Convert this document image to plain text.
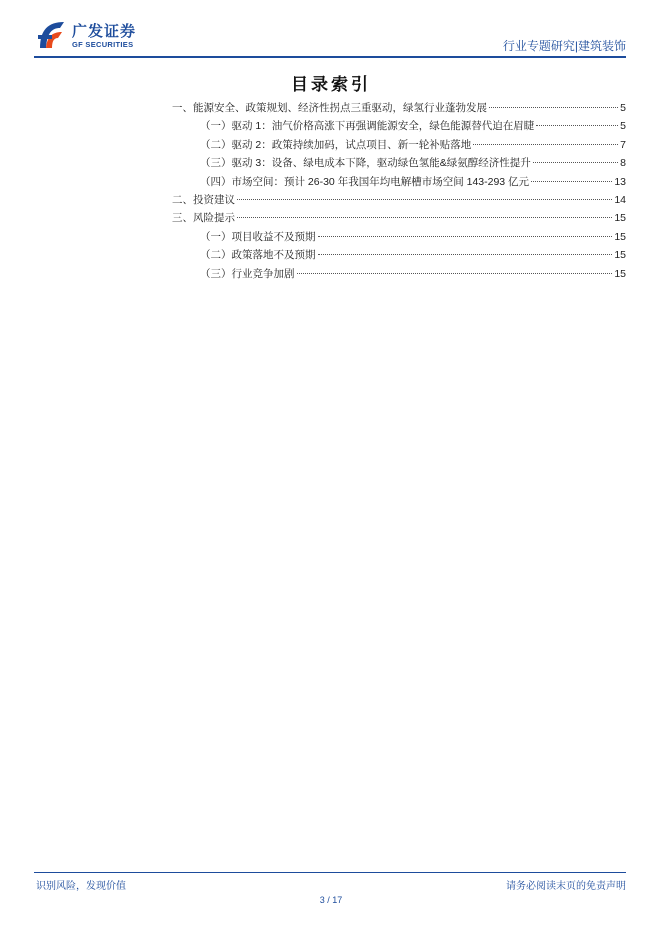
广发证券
GF SECURITIES	行业专题研究|建筑装饰
目录索引
一、能源安全、政策规划、经济性拐点三重驱动，绿氢行业蓬勃发展	5
（一）驱动 1：油气价格高涨下再强调能源安全，绿色能源替代迫在眉睫	5
（二）驱动 2：政策持续加码，试点项目、新一轮补贴落地	7
（三）驱动 3：设备、绿电成本下降，驱动绿色氢能&绿氨醇经济性提升	8
（四）市场空间：预计 26-30 年我国年均电解槽市场空间 143-293 亿元	13
二、投资建议	14
三、风险提示	15
（一）项目收益不及预期	15
（二）政策落地不及预期	15
（三）行业竞争加剧	15
识别风险，发现价值	请务必阅读末页的免责声明
3 / 17
